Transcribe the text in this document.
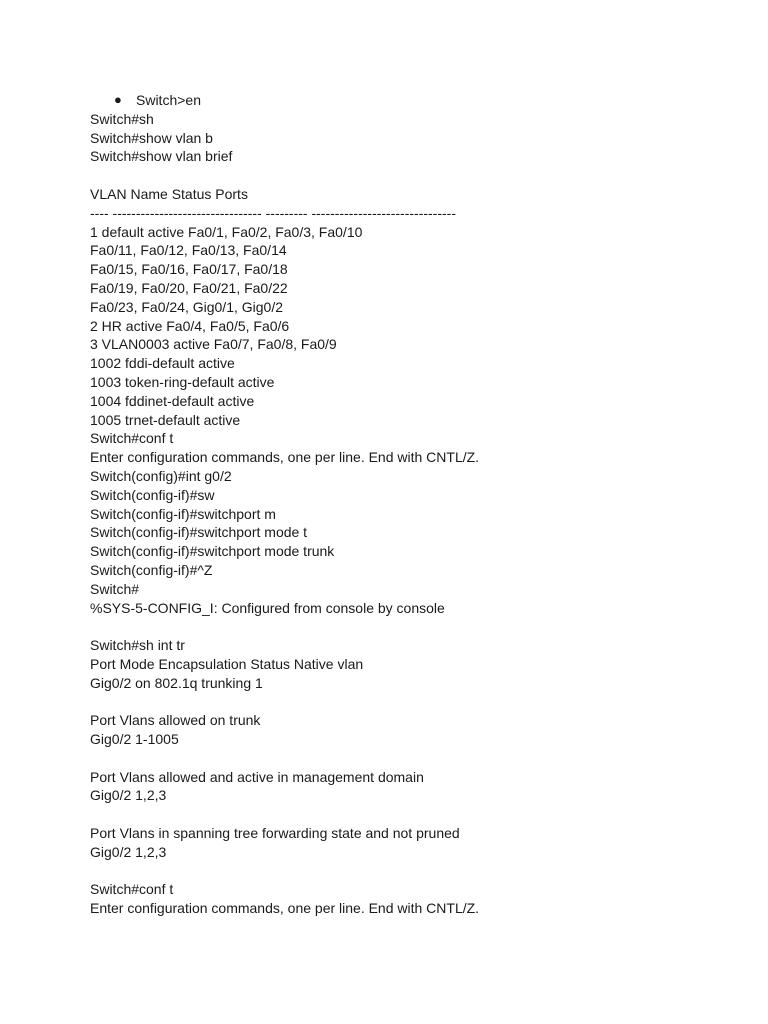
●

Switch>en

Switch#sh
Switch#show vlan b
Switch#show vlan brief
VLAN Name Status Ports
---- -------------------------------- --------- -------------------------------
1 default active Fa0/1, Fa0/2, Fa0/3, Fa0/10
Fa0/11, Fa0/12, Fa0/13, Fa0/14
Fa0/15, Fa0/16, Fa0/17, Fa0/18
Fa0/19, Fa0/20, Fa0/21, Fa0/22
Fa0/23, Fa0/24, Gig0/1, Gig0/2
2 HR active Fa0/4, Fa0/5, Fa0/6
3 VLAN0003 active Fa0/7, Fa0/8, Fa0/9
1002 fddi-default active
1003 token-ring-default active
1004 fddinet-default active
1005 trnet-default active
Switch#conf t
Enter configuration commands, one per line. End with CNTL/Z.
Switch(config)#int g0/2
Switch(config-if)#sw
Switch(config-if)#switchport m
Switch(config-if)#switchport mode t
Switch(config-if)#switchport mode trunk
Switch(config-if)#^Z
Switch#
%SYS-5-CONFIG_I: Configured from console by console
Switch#sh int tr
Port Mode Encapsulation Status Native vlan
Gig0/2 on 802.1q trunking 1
Port Vlans allowed on trunk
Gig0/2 1-1005
Port Vlans allowed and active in management domain
Gig0/2 1,2,3
Port Vlans in spanning tree forwarding state and not pruned
Gig0/2 1,2,3
Switch#conf t
Enter configuration commands, one per line. End with CNTL/Z.
